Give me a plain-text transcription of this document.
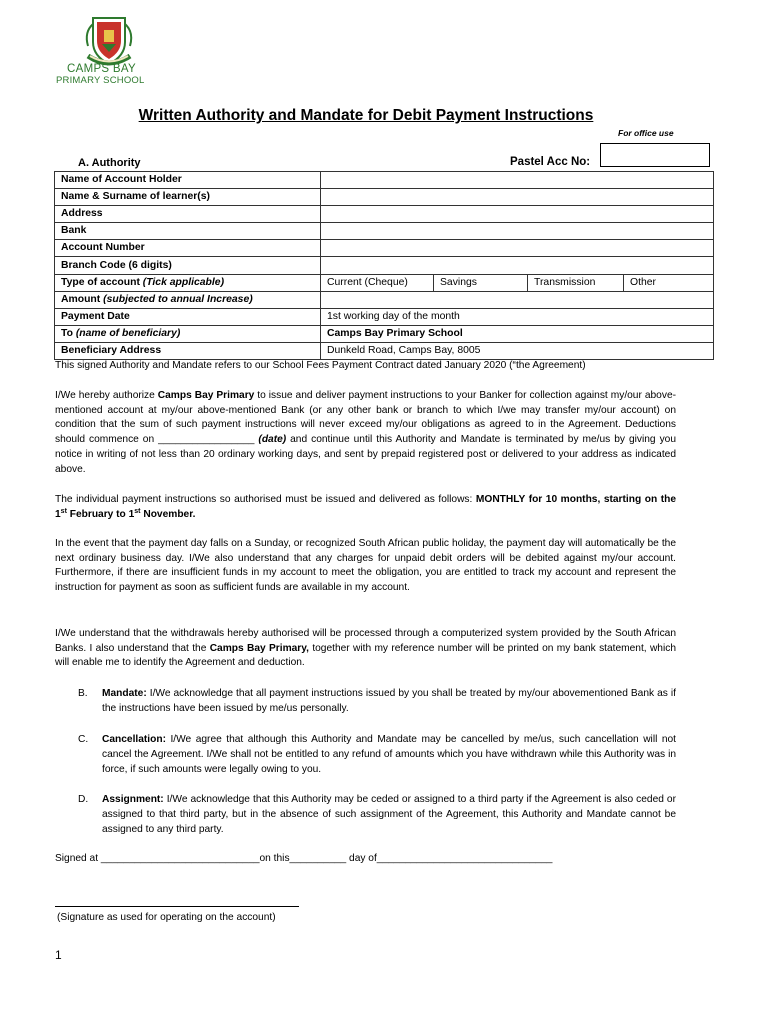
CAMPS BAY
PRIMARY SCHOOL
Written Authority and Mandate for Debit Payment Instructions
For office use
A. Authority	Pastel Acc No:
Name of Account Holder				
Name & Surname of learner(s)				
Address				
Bank				
Account Number				
Branch Code (6 digits)				
Type of account (Tick applicable)	Current (Cheque)	Savings	Transmission	Other
Amount (subjected to annual Increase)				
Payment Date	1st working day of the month			
To (name of beneficiary)	Camps Bay Primary School			
Beneficiary Address	Dunkeld Road, Camps Bay, 8005			
This signed Authority and Mandate refers to our School Fees Payment Contract dated January 2020 (“the Agreement)
I/We hereby authorize Camps Bay Primary to issue and deliver payment instructions to your Banker for collection against my/our above-mentioned account at my/our above-mentioned Bank (or any other bank or branch to which I/we may transfer my/our account) on condition that the sum of such payment instructions will never exceed my/our obligations as agreed to in the Agreement. Deductions should commence on _________________ (date) and continue until this Authority and Mandate is terminated by me/us by giving you notice in writing of not less than 20 ordinary working days, and sent by prepaid registered post or delivered to your address as indicated above.
The individual payment instructions so authorised must be issued and delivered as follows: MONTHLY for 10 months, starting on the 1st February to 1st November.
In the event that the payment day falls on a Sunday, or recognized South African public holiday, the payment day will automatically be the next ordinary business day. I/We also understand that any charges for unpaid debit orders will be debited against my/our account. Furthermore, if there are insufficient funds in my account to meet the obligation, you are entitled to track my account and represent the instruction for payment as soon as sufficient funds are available in my account.
I/We understand that the withdrawals hereby authorised will be processed through a computerized system provided by the South African Banks. I also understand that the Camps Bay Primary, together with my reference number will be printed on my bank statement, which will enable me to identify the Agreement and deduction.
B. Mandate: I/We acknowledge that all payment instructions issued by you shall be treated by my/our abovementioned Bank as if the instructions have been issued by me/us personally.
C. Cancellation: I/We agree that although this Authority and Mandate may be cancelled by me/us, such cancellation will not cancel the Agreement. I/We shall not be entitled to any refund of amounts which you have withdrawn while this Authority was in force, if such amounts were legally owing to you.
D. Assignment: I/We acknowledge that this Authority may be ceded or assigned to a third party if the Agreement is also ceded or assigned to that third party, but in the absence of such assignment of the Agreement, this Authority and Mandate cannot be assigned to any third party.
Signed at ____________________________on this__________ day of_______________________________
(Signature as used for operating on the account)
1
